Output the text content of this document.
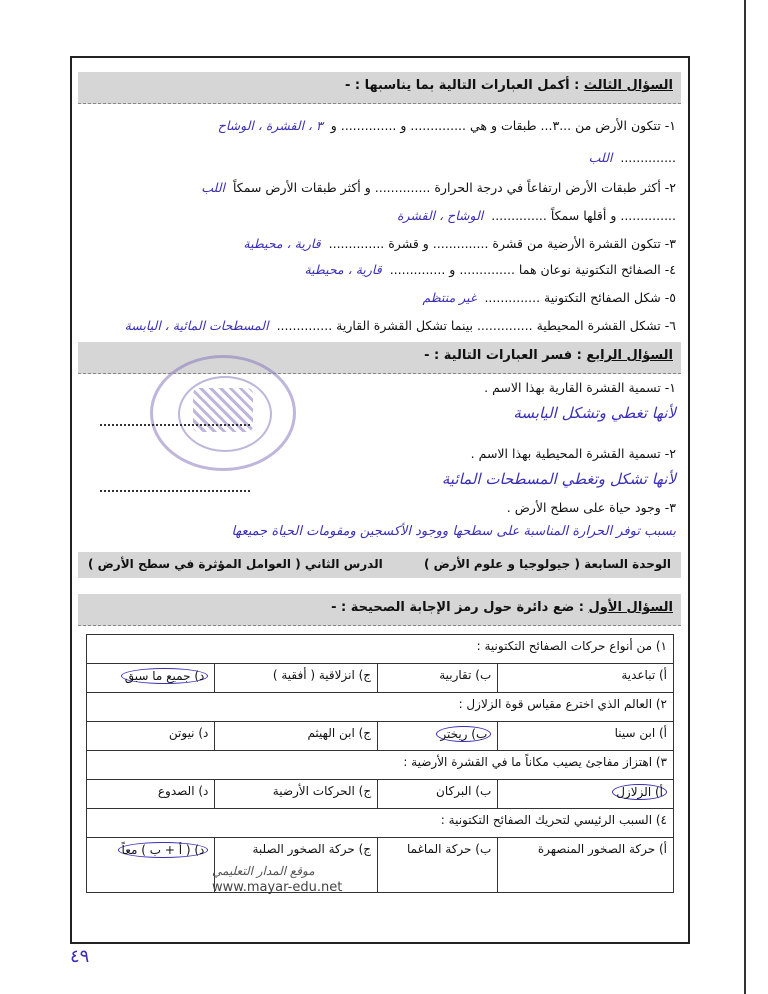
السؤال الثالث : أكمل العبارات التالية بما يناسبها : -
١- تتكون الأرض من ...٣... طبقات و هي .............. و .............. و٣ ، القشرة ، الوشاح
..............اللب
٢- أكثر طبقات الأرض ارتفاعاً في درجة الحرارة .............. و أكثر طبقات الأرض سمكاًاللب
.............. و أقلها سمكاً ..............الوشاح ، القشرة
٣- تتكون القشرة الأرضية من قشرة .............. و قشرة ..............قارية ، محيطية
٤- الصفائح التكتونية نوعان هما .............. و ..............قارية ، محيطية
٥- شكل الصفائح التكتونية ..............غير منتظم
٦- تشكل القشرة المحيطية .............. بينما تشكل القشرة القارية ..............المسطحات المائية ، اليابسة
السؤال الرابع : فسر العبارات التالية : -
١- تسمية القشرة القارية بهذا الاسم .
لأنها تغطي وتشكل اليابسة
٢- تسمية القشرة المحيطية بهذا الاسم .
لأنها تشكل وتغطي المسطحات المائية
٣- وجود حياة على سطح الأرض .
بسبب توفر الحرارة المناسبة على سطحها ووجود الأكسجين ومقومات الحياة جميعها
الوحدة السابعة ( جيولوجيا و علوم الأرض )
الدرس الثاني ( العوامل المؤثرة في سطح الأرض )
السؤال الأول : ضع دائرة حول رمز الإجابة الصحيحة : -
١) من أنواع حركات الصفائح التكتونية :			
أ) تباعدية	ب) تقاربية	ج) انزلاقية ( أفقية )	د) جميع ما سبق
٢) العالم الذي اخترع مقياس قوة الزلازل :			
أ) ابن سينا	ب) ريختر	ج) ابن الهيثم	د) نيوتن
٣) اهتزاز مفاجئ يصيب مكاناً ما في القشرة الأرضية :			
أ) الزلازل	ب) البركان	ج) الحركات الأرضية	د) الصدوع
٤) السبب الرئيسي لتحريك الصفائح التكتونية :			
أ) حركة الصخور المنصهرة	ب) حركة الماغما	ج) حركة الصخور الصلبة	د) ( أ + ب ) معاً
موقع المدار التعليمي
www.mayar-edu.net
٤٩
